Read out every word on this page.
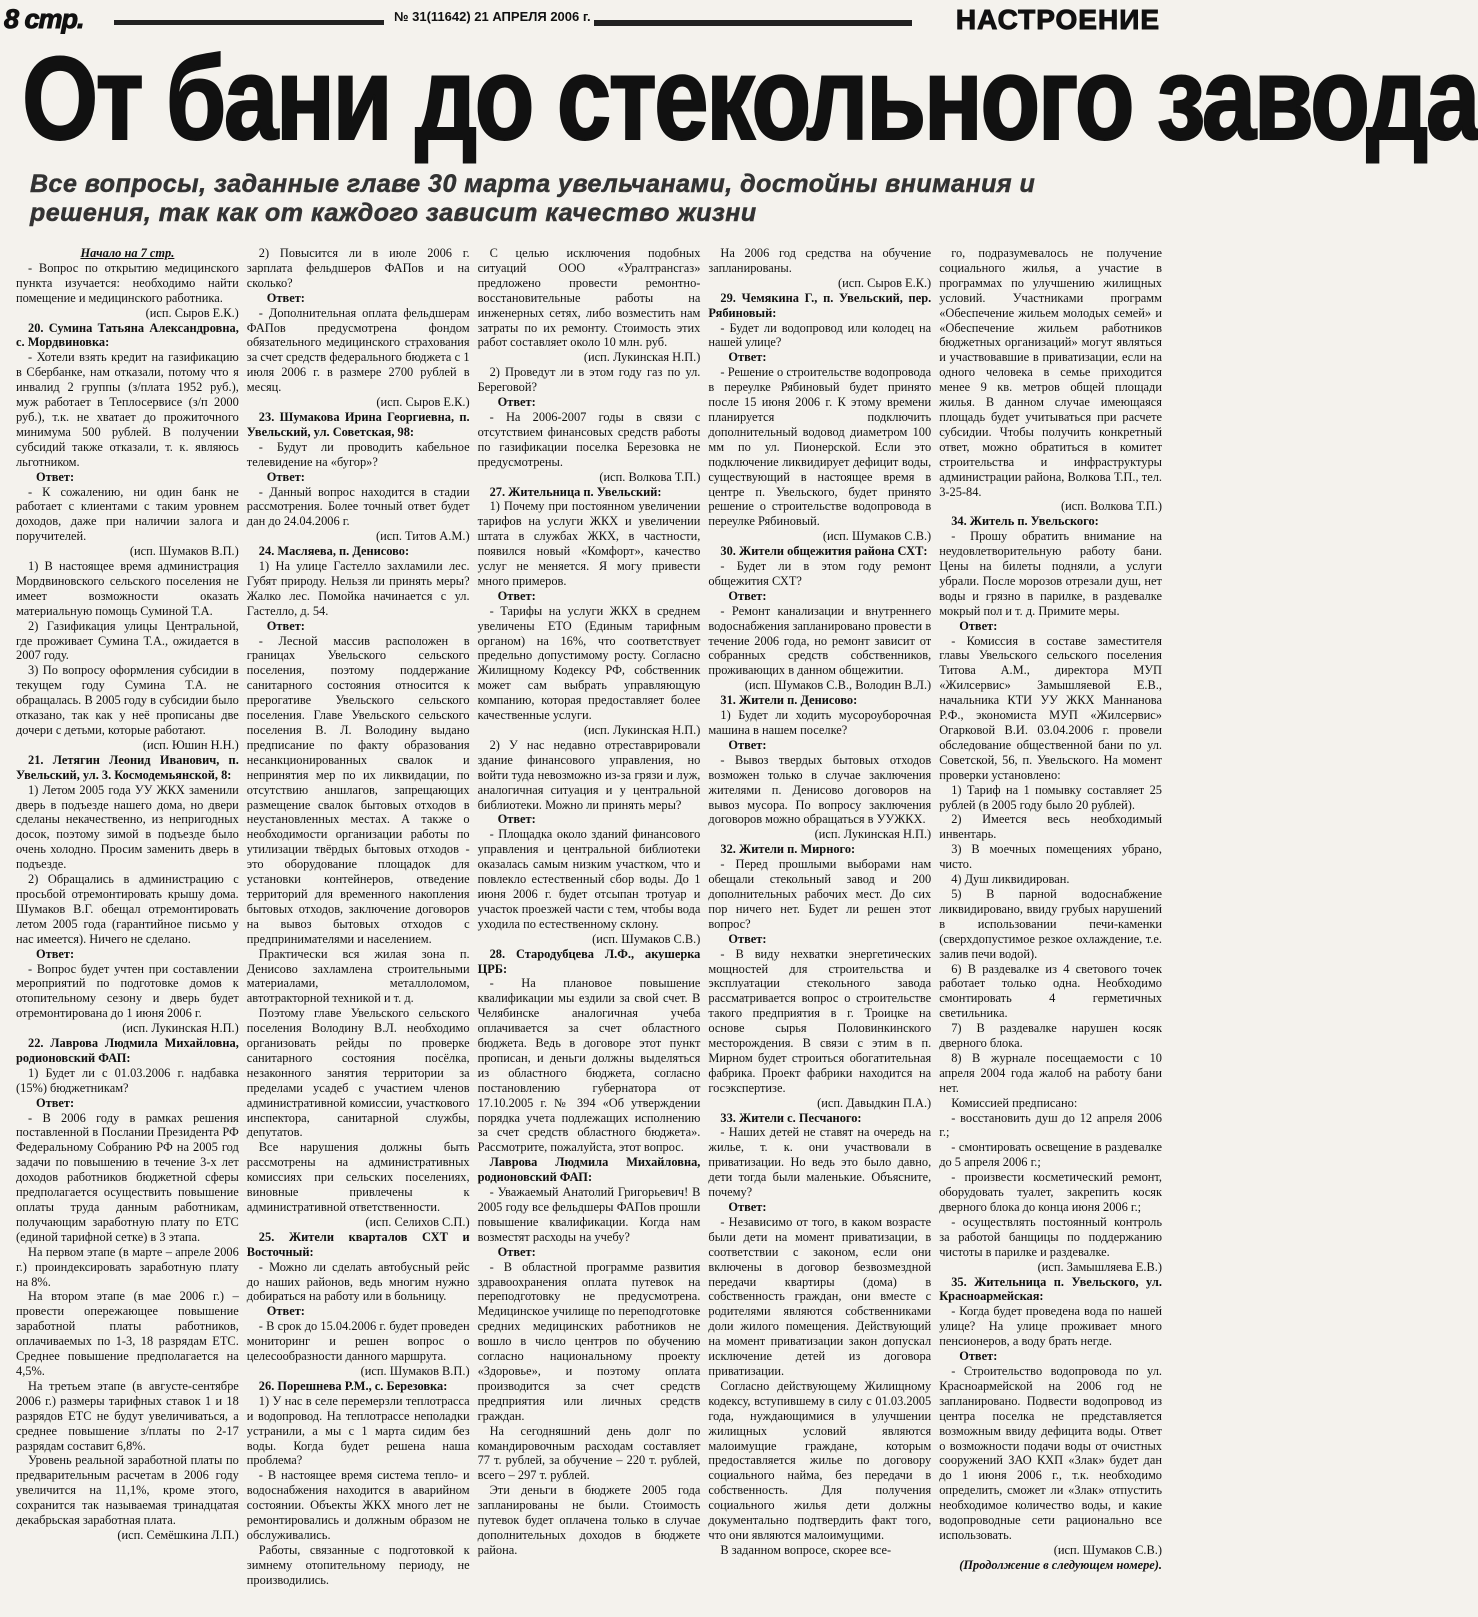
8 стр.	№ 31(11642) 21 АПРЕЛЯ 2006 г.	НАСТРОЕНИЕ
От бани до стекольного завода
Все вопросы, заданные главе 30 марта увельчанами, достойны внимания и решения, так как от каждого зависит качество жизни

Начало на 7 стр.

- Вопрос по открытию медицинского пункта изучается: необходимо найти помещение и медицинского работника.

(исп. Сыров Е.К.)

20. Сумина Татьяна Александровна, с. Мордвиновка:

- Хотели взять кредит на газификацию в Сбербанке, нам отказали, потому что я инвалид 2 группы (з/плата 1952 руб.), муж работает в Теплосервисе (з/п 2000 руб.), т.к. не хватает до прожиточного минимума 500 рублей. В получении субсидий также отказали, т. к. являюсь льготником.

Ответ:

- К сожалению, ни один банк не работает с клиентами с таким уровнем доходов, даже при наличии залога и поручителей.

(исп. Шумаков В.П.)

1) В настоящее время администрация Мордвиновского сельского поселения не имеет возможности оказать материальную помощь Суминой Т.А.

2) Газификация улицы Центральной, где проживает Сумина Т.А., ожидается в 2007 году.

3) По вопросу оформления субсидии в текущем году Сумина Т.А. не обращалась. В 2005 году в субсидии было отказано, так как у неё прописаны две дочери с детьми, которые работают.

(исп. Юшин Н.Н.)

21. Летягин Леонид Иванович, п. Увельский, ул. 3. Космодемьянской, 8:

1) Летом 2005 года УУ ЖКХ заменили дверь в подъезде нашего дома, но двери сделаны некачественно, из непригодных досок, поэтому зимой в подъезде было очень холодно. Просим заменить дверь в подъезде.

2) Обращались в администрацию с просьбой отремонтировать крышу дома. Шумаков В.Г. обещал отремонтировать летом 2005 года (гарантийное письмо у нас имеется). Ничего не сделано.

Ответ:

- Вопрос будет учтен при составлении мероприятий по подготовке домов к отопительному сезону и дверь будет отремонтирована до 1 июня 2006 г.

(исп. Лукинская Н.П.)

22. Лаврова Людмила Михайловна, родионовский ФАП:

1) Будет ли с 01.03.2006 г. надбавка (15%) бюджетникам?

Ответ:

- В 2006 году в рамках решения поставленной в Послании Президента РФ Федеральному Собранию РФ на 2005 год задачи по повышению в течение 3-х лет доходов работников бюджетной сферы предполагается осуществить повышение оплаты труда данным работникам, получающим заработную плату по ЕТС (единой тарифной сетке) в 3 этапа.

На первом этапе (в марте – апреле 2006 г.) проиндексировать заработную плату на 8%.

На втором этапе (в мае 2006 г.) – провести опережающее повышение заработной платы работников, оплачиваемых по 1-3, 18 разрядам ЕТС. Среднее повышение предполагается на 4,5%.

На третьем этапе (в августе-сентябре 2006 г.) размеры тарифных ставок 1 и 18 разрядов ЕТС не будут увеличиваться, а среднее повышение з/платы по 2-17 разрядам составит 6,8%.

Уровень реальной заработной платы по предварительным расчетам в 2006 году увеличится на 11,1%, кроме этого, сохранится так называемая тринадцатая декабрьская заработная плата.

(исп. Семёшкина Л.П.)

2) Повысится ли в июле 2006 г. зарплата фельдшеров ФАПов и на сколько?

Ответ:

- Дополнительная оплата фельдшерам ФАПов предусмотрена фондом обязательного медицинского страхования за счет средств федерального бюджета с 1 июля 2006 г. в размере 2700 рублей в месяц.

(исп. Сыров Е.К.)

23. Шумакова Ирина Георгиевна, п. Увельский, ул. Советская, 98:

- Будут ли проводить кабельное телевидение на «бугор»?

Ответ:

- Данный вопрос находится в стадии рассмотрения. Более точный ответ будет дан до 24.04.2006 г.

(исп. Титов А.М.)

24. Масляева, п. Денисово:

1) На улице Гастелло захламили лес. Губят природу. Нельзя ли принять меры? Жалко лес. Помойка начинается с ул. Гастелло, д. 54.

Ответ:

- Лесной массив расположен в границах Увельского сельского поселения, поэтому поддержание санитарного состояния относится к прерогативе Увельского сельского поселения. Главе Увельского сельского поселения В. Л. Володину выдано предписание по факту образования несанкционированных свалок и непринятия мер по их ликвидации, по отсутствию аншлагов, запрещающих размещение свалок бытовых отходов в неустановленных местах. А также о необходимости организации работы по утилизации твёрдых бытовых отходов - это оборудование площадок для установки контейнеров, отведение территорий для временного накопления бытовых отходов, заключение договоров на вывоз бытовых отходов с предпринимателями и населением.

Практически вся жилая зона п. Денисово захламлена строительными материалами, металлоломом, автотракторной техникой и т. д.

Поэтому главе Увельского сельского поселения Володину В.Л. необходимо организовать рейды по проверке санитарного состояния посёлка, незаконного занятия территории за пределами усадеб с участием членов административной комиссии, участкового инспектора, санитарной службы, депутатов.

Все нарушения должны быть рассмотрены на административных комиссиях при сельских поселениях, виновные привлечены к административной ответственности.

(исп. Селихов С.П.)

25. Жители кварталов СХТ и Восточный:

- Можно ли сделать автобусный рейс до наших районов, ведь многим нужно добираться на работу или в больницу.

Ответ:

- В срок до 15.04.2006 г. будет проведен мониторинг и решен вопрос о целесообразности данного маршрута.

(исп. Шумаков В.П.)

26. Порешнева Р.М., с. Березовка:

1) У нас в селе перемерзли теплотрасса и водопровод. На теплотрассе неполадки устранили, а мы с 1 марта сидим без воды. Когда будет решена наша проблема?

- В настоящее время система тепло- и водоснабжения находится в аварийном состоянии. Объекты ЖКХ много лет не ремонтировались и должным образом не обслуживались.

Работы, связанные с подготовкой к зимнему отопительному периоду, не производились.

С целью исключения подобных ситуаций ООО «Уралтрансгаз» предложено провести ремонтно-восстановительные работы на инженерных сетях, либо возместить нам затраты по их ремонту. Стоимость этих работ составляет около 10 млн. руб.

(исп. Лукинская Н.П.)

2) Проведут ли в этом году газ по ул. Береговой?

Ответ:

- На 2006-2007 годы в связи с отсутствием финансовых средств работы по газификации поселка Березовка не предусмотрены.

(исп. Волкова Т.П.)

27. Жительница п. Увельский:

1) Почему при постоянном увеличении тарифов на услуги ЖКХ и увеличении штата в службах ЖКХ, в частности, появился новый «Комфорт», качество услуг не меняется. Я могу привести много примеров.

Ответ:

- Тарифы на услуги ЖКХ в среднем увеличены ЕТО (Единым тарифным органом) на 16%, что соответствует предельно допустимому росту. Согласно Жилищному Кодексу РФ, собственник может сам выбрать управляющую компанию, которая предоставляет более качественные услуги.

(исп. Лукинская Н.П.)

2) У нас недавно отреставрировали здание финансового управления, но войти туда невозможно из-за грязи и луж, аналогичная ситуация и у центральной библиотеки. Можно ли принять меры?

Ответ:

- Площадка около зданий финансового управления и центральной библиотеки оказалась самым низким участком, что и повлекло естественный сбор воды. До 1 июня 2006 г. будет отсыпан тротуар и участок проезжей части с тем, чтобы вода уходила по естественному склону.

(исп. Шумаков С.В.)

28. Стародубцева Л.Ф., акушерка ЦРБ:

- На плановое повышение квалификации мы ездили за свой счет. В Челябинске аналогичная учеба оплачивается за счет областного бюджета. Ведь в договоре этот пункт прописан, и деньги должны выделяться из областного бюджета, согласно постановлению губернатора от 17.10.2005 г. № 394 «Об утверждении порядка учета подлежащих исполнению за счет средств областного бюджета». Рассмотрите, пожалуйста, этот вопрос.

Лаврова Людмила Михайловна, родионовский ФАП:

- Уважаемый Анатолий Григорьевич! В 2005 году все фельдшеры ФАПов прошли повышение квалификации. Когда нам возместят расходы на учебу?

Ответ:

- В областной программе развития здравоохранения оплата путевок на переподготовку не предусмотрена. Медицинское училище по переподготовке средних медицинских работников не вошло в число центров по обучению согласно национальному проекту «Здоровье», и поэтому оплата производится за счет средств предприятия или личных средств граждан.

На сегодняшний день долг по командировочным расходам составляет 77 т. рублей, за обучение – 220 т. рублей, всего – 297 т. рублей.

Эти деньги в бюджете 2005 года запланированы не были. Стоимость путевок будет оплачена только в случае дополнительных доходов в бюджете района.

На 2006 год средства на обучение запланированы.

(исп. Сыров Е.К.)

29. Чемякина Г., п. Увельский, пер. Рябиновый:

- Будет ли водопровод или колодец на нашей улице?

Ответ:

- Решение о строительстве водопровода в переулке Рябиновый будет принято после 15 июня 2006 г. К этому времени планируется подключить дополнительный водовод диаметром 100 мм по ул. Пионерской. Если это подключение ликвидирует дефицит воды, существующий в настоящее время в центре п. Увельского, будет принято решение о строительстве водопровода в переулке Рябиновый.

(исп. Шумаков С.В.)

30. Жители общежития района СХТ:

- Будет ли в этом году ремонт общежития СХТ?

Ответ:

- Ремонт канализации и внутреннего водоснабжения запланировано провести в течение 2006 года, но ремонт зависит от собранных средств собственников, проживающих в данном общежитии.

(исп. Шумаков С.В., Володин В.Л.)

31. Жители п. Денисово:

1) Будет ли ходить мусороуборочная машина в нашем поселке?

Ответ:

- Вывоз твердых бытовых отходов возможен только в случае заключения жителями п. Денисово договоров на вывоз мусора. По вопросу заключения договоров можно обращаться в УУЖКХ.

(исп. Лукинская Н.П.)

32. Жители п. Мирного:

- Перед прошлыми выборами нам обещали стекольный завод и 200 дополнительных рабочих мест. До сих пор ничего нет. Будет ли решен этот вопрос?

Ответ:

- В виду нехватки энергетических мощностей для строительства и эксплуатации стекольного завода рассматривается вопрос о строительстве такого предприятия в г. Троицке на основе сырья Половинкинского месторождения. В связи с этим в п. Мирном будет строиться обогатительная фабрика. Проект фабрики находится на госэкспертизе.

(исп. Давыдкин П.А.)

33. Жители с. Песчаного:

- Наших детей не ставят на очередь на жилье, т. к. они участвовали в приватизации. Но ведь это было давно, дети тогда были маленькие. Объясните, почему?

Ответ:

- Независимо от того, в каком возрасте были дети на момент приватизации, в соответствии с законом, если они включены в договор безвозмездной передачи квартиры (дома) в собственность граждан, они вместе с родителями являются собственниками доли жилого помещения. Действующий на момент приватизации закон допускал исключение детей из договора приватизации.

Согласно действующему Жилищному кодексу, вступившему в силу с 01.03.2005 года, нуждающимися в улучшении жилищных условий являются малоимущие граждане, которым предоставляется жилье по договору социального найма, без передачи в собственность. Для получения социального жилья дети должны документально подтвердить факт того, что они являются малоимущими.

В заданном вопросе, скорее все-

го, подразумевалось не получение социального жилья, а участие в программах по улучшению жилищных условий. Участниками программ «Обеспечение жильем молодых семей» и «Обеспечение жильем работников бюджетных организаций» могут являться и участвовавшие в приватизации, если на одного человека в семье приходится менее 9 кв. метров общей площади жилья. В данном случае имеющаяся площадь будет учитываться при расчете субсидии. Чтобы получить конкретный ответ, можно обратиться в комитет строительства и инфраструктуры администрации района, Волкова Т.П., тел. 3-25-84.

(исп. Волкова Т.П.)

34. Житель п. Увельского:

- Прошу обратить внимание на неудовлетворительную работу бани. Цены на билеты подняли, а услуги убрали. После морозов отрезали душ, нет воды и грязно в парилке, в раздевалке мокрый пол и т. д. Примите меры.

Ответ:

- Комиссия в составе заместителя главы Увельского сельского поселения Титова А.М., директора МУП «Жилсервис» Замышляевой Е.В., начальника КТИ УУ ЖКХ Маннанова Р.Ф., экономиста МУП «Жилсервис» Огарковой В.И. 03.04.2006 г. провели обследование общественной бани по ул. Советской, 56, п. Увельского. На момент проверки установлено:

1) Тариф на 1 помывку составляет 25 рублей (в 2005 году было 20 рублей).

2) Имеется весь необходимый инвентарь.

3) В моечных помещениях убрано, чисто.

4) Душ ликвидирован.

5) В парной водоснабжение ликвидировано, ввиду грубых нарушений в использовании печи-каменки (сверхдопустимое резкое охлаждение, т.е. залив печи водой).

6) В раздевалке из 4 светового точек работает только одна. Необходимо смонтировать 4 герметичных светильника.

7) В раздевалке нарушен косяк дверного блока.

8) В журнале посещаемости с 10 апреля 2004 года жалоб на работу бани нет.

Комиссией предписано:

- восстановить душ до 12 апреля 2006 г.;

- смонтировать освещение в раздевалке до 5 апреля 2006 г.;

- произвести косметический ремонт, оборудовать туалет, закрепить косяк дверного блока до конца июня 2006 г.;

- осуществлять постоянный контроль за работой банщицы по поддержанию чистоты в парилке и раздевалке.

(исп. Замышляева Е.В.)

35. Жительница п. Увельского, ул. Красноармейская:

- Когда будет проведена вода по нашей улице? На улице проживает много пенсионеров, а воду брать негде.

Ответ:

- Строительство водопровода по ул. Красноармейской на 2006 год не запланировано. Подвести водопровод из центра поселка не представляется возможным ввиду дефицита воды. Ответ о возможности подачи воды от очистных сооружений ЗАО КХП «Злак» будет дан до 1 июня 2006 г., т.к. необходимо определить, сможет ли «Злак» отпустить необходимое количество воды, и какие водопроводные сети рационально все использовать.

(исп. Шумаков С.В.)

(Продолжение в следующем номере).
